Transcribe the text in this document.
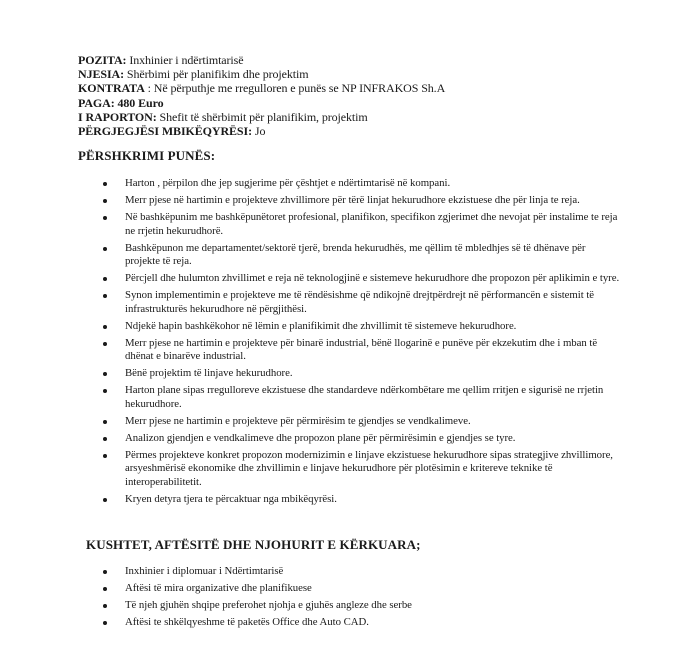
POZITA: Inxhinier i ndërtimtarisë
NJESIA: Shërbimi për planifikim dhe projektim
KONTRATA : Në përputhje me rregulloren e punës se NP INFRAKOS Sh.A
PAGA: 480 Euro
I RAPORTON: Shefit të shërbimit për planifikim, projektim
PËRGJEGJËSI MBIKËQYRËSI: Jo
PËRSHKRIMI PUNËS:
Harton , përpilon dhe jep sugjerime për çështjet e ndërtimtarisë në kompani.
Merr pjese në hartimin e projekteve zhvillimore për tërë linjat hekurudhore ekzistuese dhe për linja te reja.
Në bashkëpunim me bashkëpunëtoret profesional, planifikon, specifikon zgjerimet dhe nevojat për instalime te reja ne rrjetin hekurudhorë.
Bashkëpunon me departamentet/sektorë tjerë, brenda hekurudhës, me qëllim të mbledhjes së të dhënave për projekte të reja.
Përcjell dhe hulumton zhvillimet e reja në teknologjinë e sistemeve hekurudhore dhe propozon për aplikimin e tyre.
Synon implementimin e projekteve me të rëndësishme që ndikojnë drejtpërdrejt në përformancën e sistemit të infrastrukturës hekurudhore në përgjithësi.
Ndjekë hapin bashkëkohor në lëmin e planifikimit dhe zhvillimit të sistemeve hekurudhore.
Merr pjese ne hartimin e projekteve për binarë industrial, bënë llogarinë e punëve për ekzekutim dhe i mban të dhënat e binarëve industrial.
Bënë projektim të linjave hekurudhore.
Harton plane sipas rregulloreve ekzistuese dhe standardeve ndërkombëtare me qellim rritjen e sigurisë ne rrjetin hekurudhore.
Merr pjese ne hartimin e projekteve për përmirësim te gjendjes se vendkalimeve.
Analizon gjendjen e vendkalimeve dhe propozon plane për përmirësimin e gjendjes se tyre.
Përmes projekteve konkret propozon modernizimin e linjave ekzistuese hekurudhore sipas strategjive zhvillimore, arsyeshmërisë ekonomike dhe zhvillimin e linjave hekurudhore për plotësimin e kritereve teknike të interoperabilitetit.
Kryen detyra tjera te përcaktuar nga mbikëqyrësi.
KUSHTET, AFTËSITË DHE NJOHURIT E KËRKUARA;
Inxhinier i diplomuar i Ndërtimtarisë
Aftësi të mira organizative dhe planifikuese
Të njeh gjuhën shqipe preferohet njohja e gjuhës angleze dhe serbe
Aftësi te shkëlqyeshme të paketës Office dhe Auto CAD.
